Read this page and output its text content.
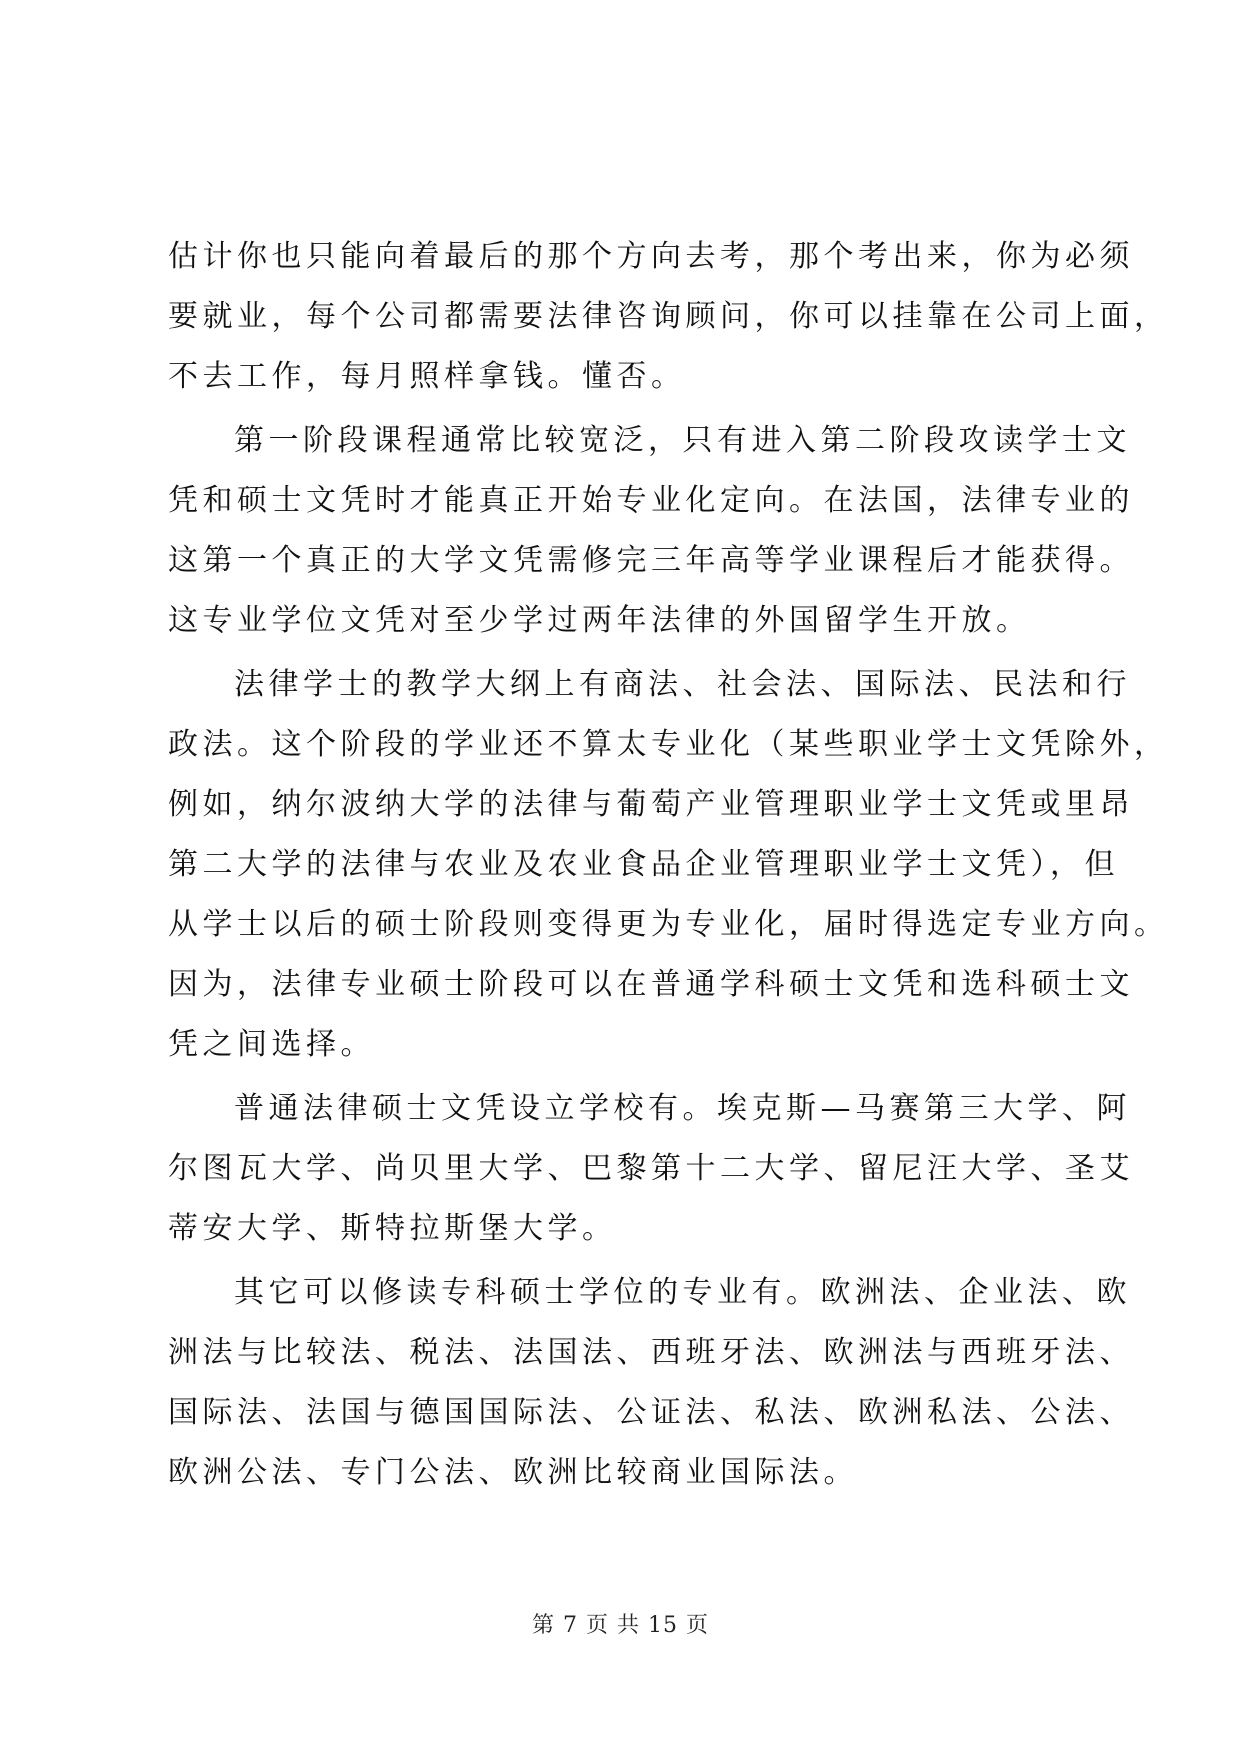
估计你也只能向着最后的那个方向去考，那个考出来，你为必须
要就业，每个公司都需要法律咨询顾问，你可以挂靠在公司上面，
不去工作，每月照样拿钱。懂否。

第一阶段课程通常比较宽泛，只有进入第二阶段攻读学士文
凭和硕士文凭时才能真正开始专业化定向。在法国，法律专业的
这第一个真正的大学文凭需修完三年高等学业课程后才能获得。
这专业学位文凭对至少学过两年法律的外国留学生开放。

法律学士的教学大纲上有商法、社会法、国际法、民法和行
政法。这个阶段的学业还不算太专业化（某些职业学士文凭除外，
例如，纳尔波纳大学的法律与葡萄产业管理职业学士文凭或里昂
第二大学的法律与农业及农业食品企业管理职业学士文凭），但
从学士以后的硕士阶段则变得更为专业化，届时得选定专业方向。
因为，法律专业硕士阶段可以在普通学科硕士文凭和选科硕士文
凭之间选择。

普通法律硕士文凭设立学校有。埃克斯—马赛第三大学、阿
尔图瓦大学、尚贝里大学、巴黎第十二大学、留尼汪大学、圣艾
蒂安大学、斯特拉斯堡大学。

其它可以修读专科硕士学位的专业有。欧洲法、企业法、欧
洲法与比较法、税法、法国法、西班牙法、欧洲法与西班牙法、
国际法、法国与德国国际法、公证法、私法、欧洲私法、公法、
欧洲公法、专门公法、欧洲比较商业国际法。

第 7 页 共 15 页
